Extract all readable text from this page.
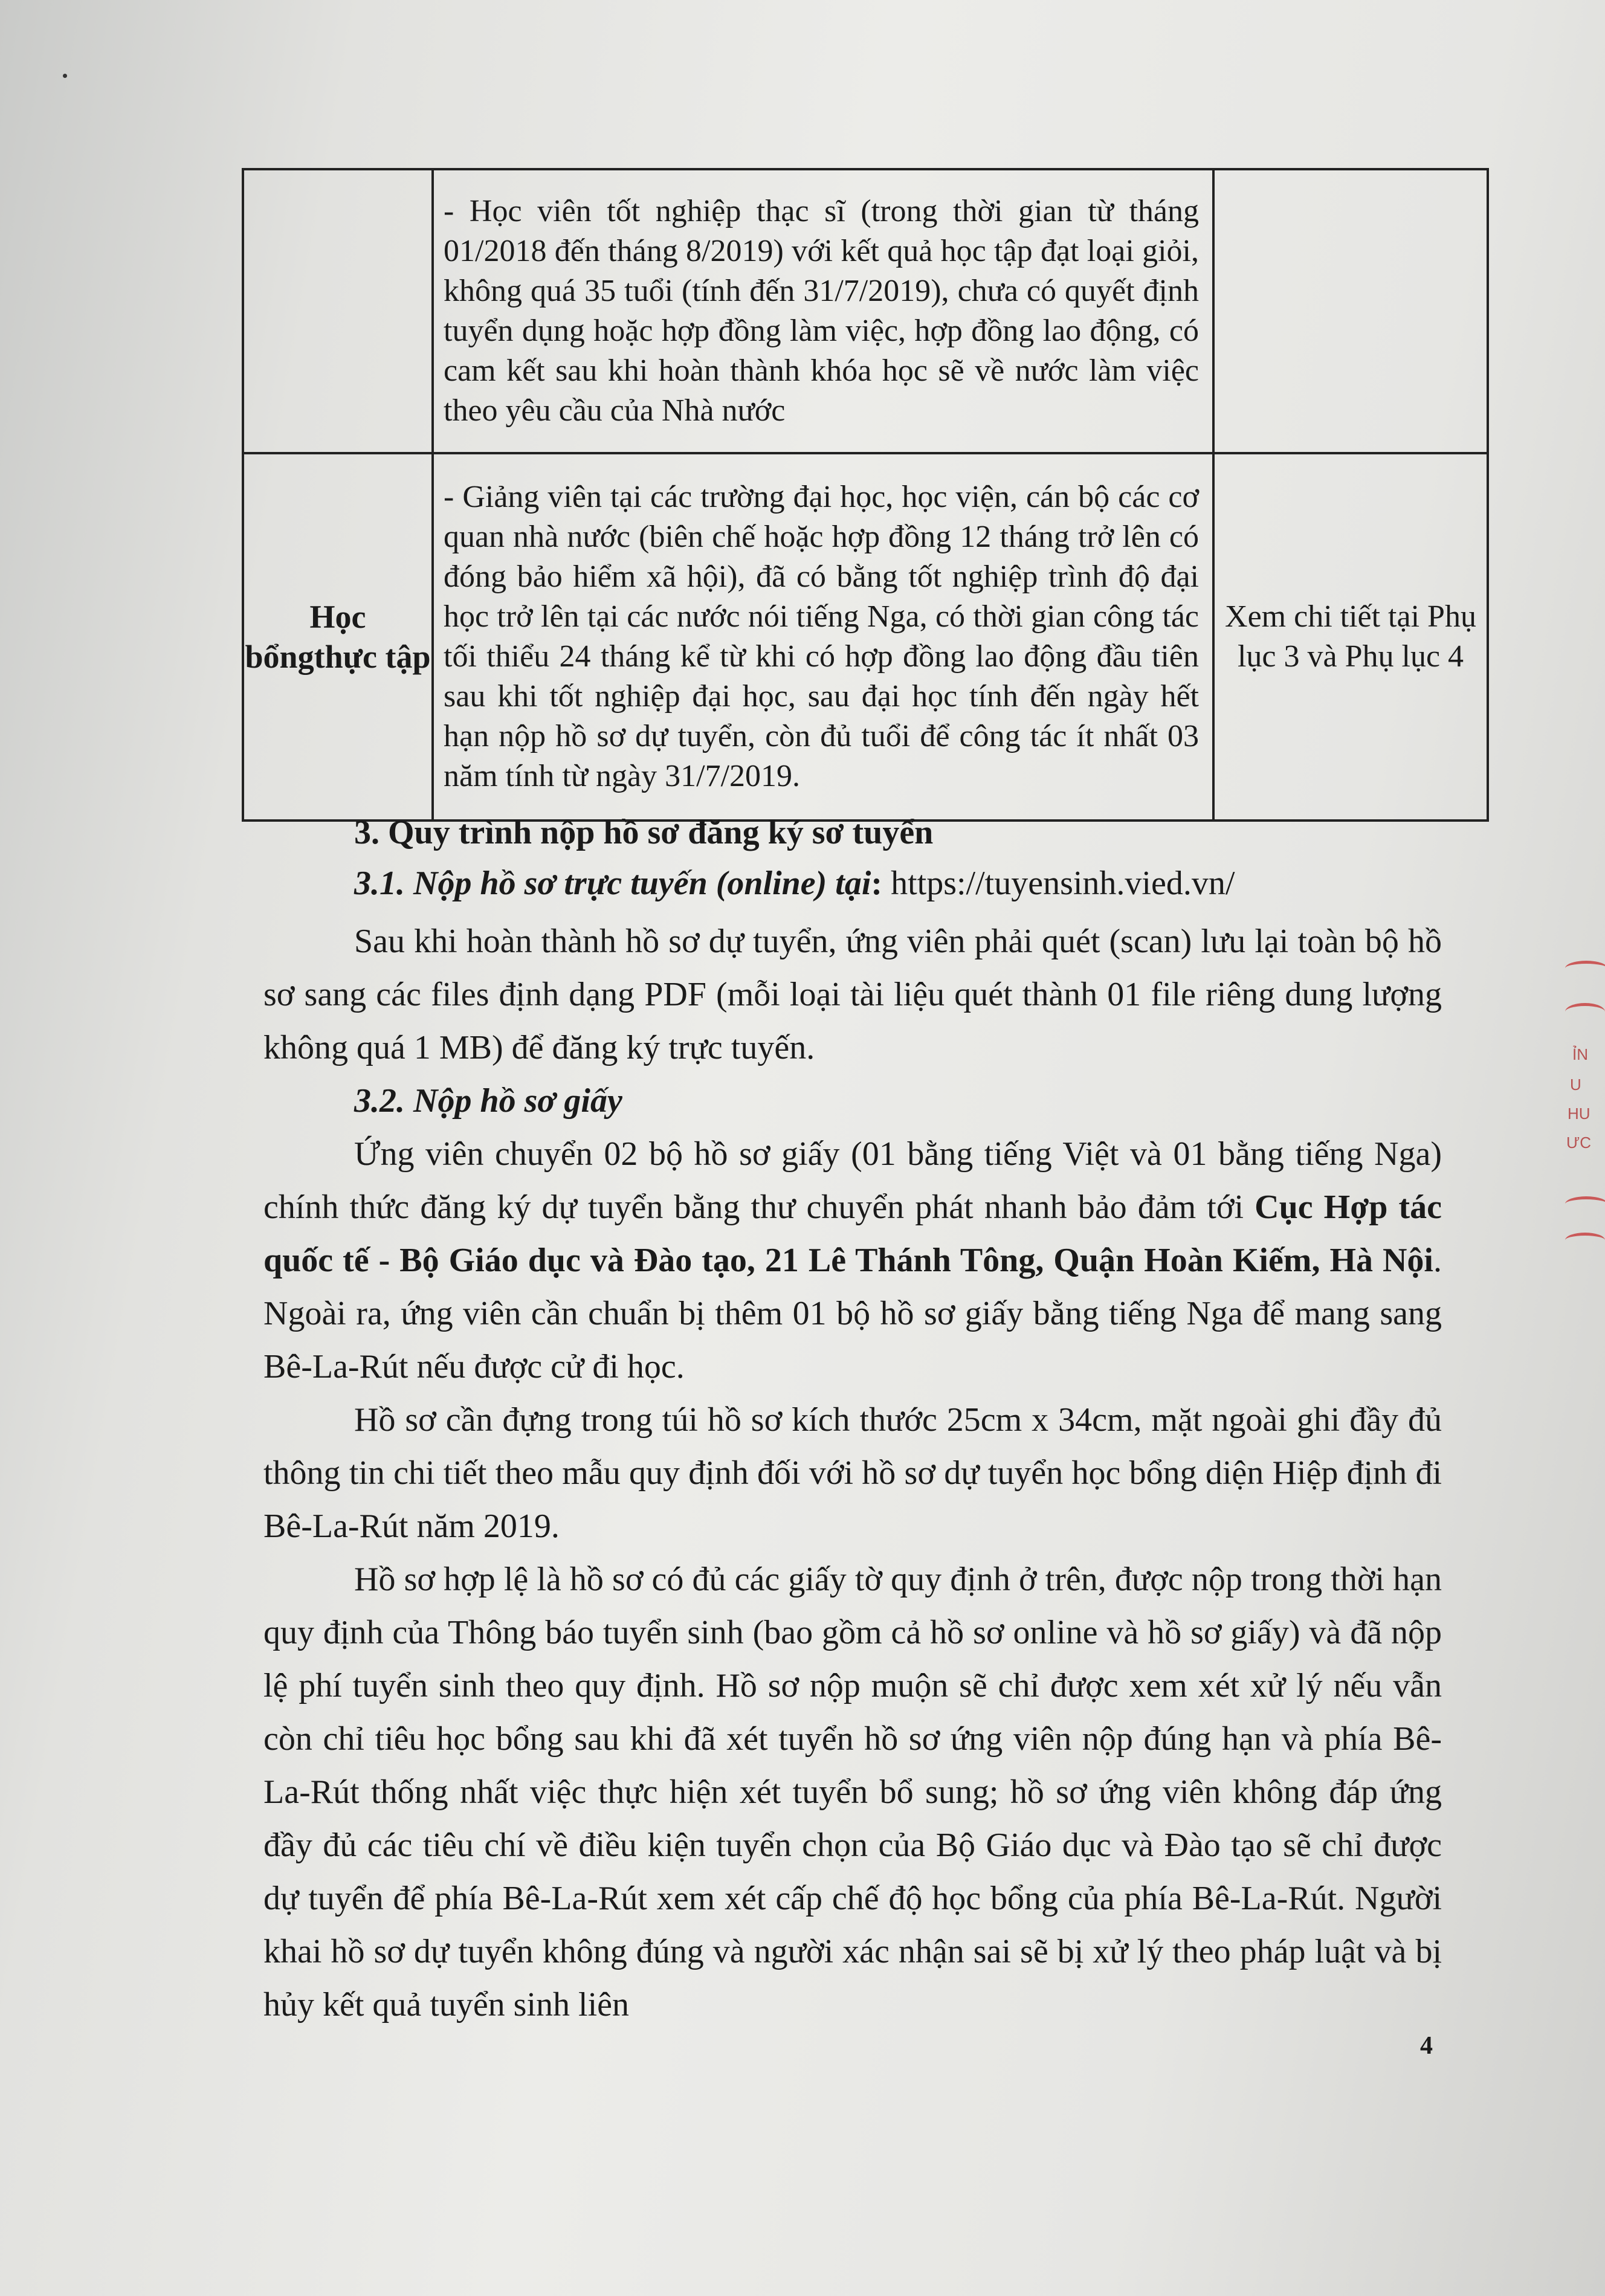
	- Học viên tốt nghiệp thạc sĩ (trong thời gian từ tháng 01/2018 đến tháng 8/2019) với kết quả học tập đạt loại giỏi, không quá 35 tuổi (tính đến 31/7/2019), chưa có quyết định tuyển dụng hoặc hợp đồng làm việc, hợp đồng lao động, có cam kết sau khi hoàn thành khóa học sẽ về nước làm việc theo yêu cầu của Nhà nước	
Học bổngthực tập	- Giảng viên tại các trường đại học, học viện, cán bộ các cơ quan nhà nước (biên chế hoặc hợp đồng 12 tháng trở lên có đóng bảo hiểm xã hội), đã có bằng tốt nghiệp trình độ đại học trở lên tại các nước nói tiếng Nga, có thời gian công tác tối thiểu 24 tháng kể từ khi có hợp đồng lao động đầu tiên sau khi tốt nghiệp đại học, sau đại học tính đến ngày hết hạn nộp hồ sơ dự tuyển, còn đủ tuổi để công tác ít nhất 03 năm tính từ ngày 31/7/2019.	Xem chi tiết tại Phụ lục 3 và Phụ lục 4
3. Quy trình nộp hồ sơ đăng ký sơ tuyển
3.1. Nộp hồ sơ trực tuyến (online) tại: https://tuyensinh.vied.vn/

Sau khi hoàn thành hồ sơ dự tuyển, ứng viên phải quét (scan) lưu lại toàn bộ hồ sơ sang các files định dạng PDF (mỗi loại tài liệu quét thành 01 file riêng dung lượng không quá 1 MB) để đăng ký trực tuyến.

3.2. Nộp hồ sơ giấy

Ứng viên chuyển 02 bộ hồ sơ giấy (01 bằng tiếng Việt và 01 bằng tiếng Nga) chính thức đăng ký dự tuyển bằng thư chuyển phát nhanh bảo đảm tới Cục Hợp tác quốc tế - Bộ Giáo dục và Đào tạo, 21 Lê Thánh Tông, Quận Hoàn Kiếm, Hà Nội. Ngoài ra, ứng viên cần chuẩn bị thêm 01 bộ hồ sơ giấy bằng tiếng Nga để mang sang Bê-La-Rút nếu được cử đi học.

Hồ sơ cần đựng trong túi hồ sơ kích thước 25cm x 34cm, mặt ngoài ghi đầy đủ thông tin chi tiết theo mẫu quy định đối với hồ sơ dự tuyển học bổng diện Hiệp định đi Bê-La-Rút năm 2019.

Hồ sơ hợp lệ là hồ sơ có đủ các giấy tờ quy định ở trên, được nộp trong thời hạn quy định của Thông báo tuyển sinh (bao gồm cả hồ sơ online và hồ sơ giấy) và đã nộp lệ phí tuyển sinh theo quy định. Hồ sơ nộp muộn sẽ chỉ được xem xét xử lý nếu vẫn còn chỉ tiêu học bổng sau khi đã xét tuyển hồ sơ ứng viên nộp đúng hạn và phía Bê-La-Rút thống nhất việc thực hiện xét tuyển bổ sung; hồ sơ ứng viên không đáp ứng đầy đủ các tiêu chí về điều kiện tuyển chọn của Bộ Giáo dục và Đào tạo sẽ chỉ được dự tuyển để phía Bê-La-Rút xem xét cấp chế độ học bổng của phía Bê-La-Rút. Người khai hồ sơ dự tuyển không đúng và người xác nhận sai sẽ bị xử lý theo pháp luật và bị hủy kết quả tuyển sinh liên

4
ỈN
U
HU
ƯC
